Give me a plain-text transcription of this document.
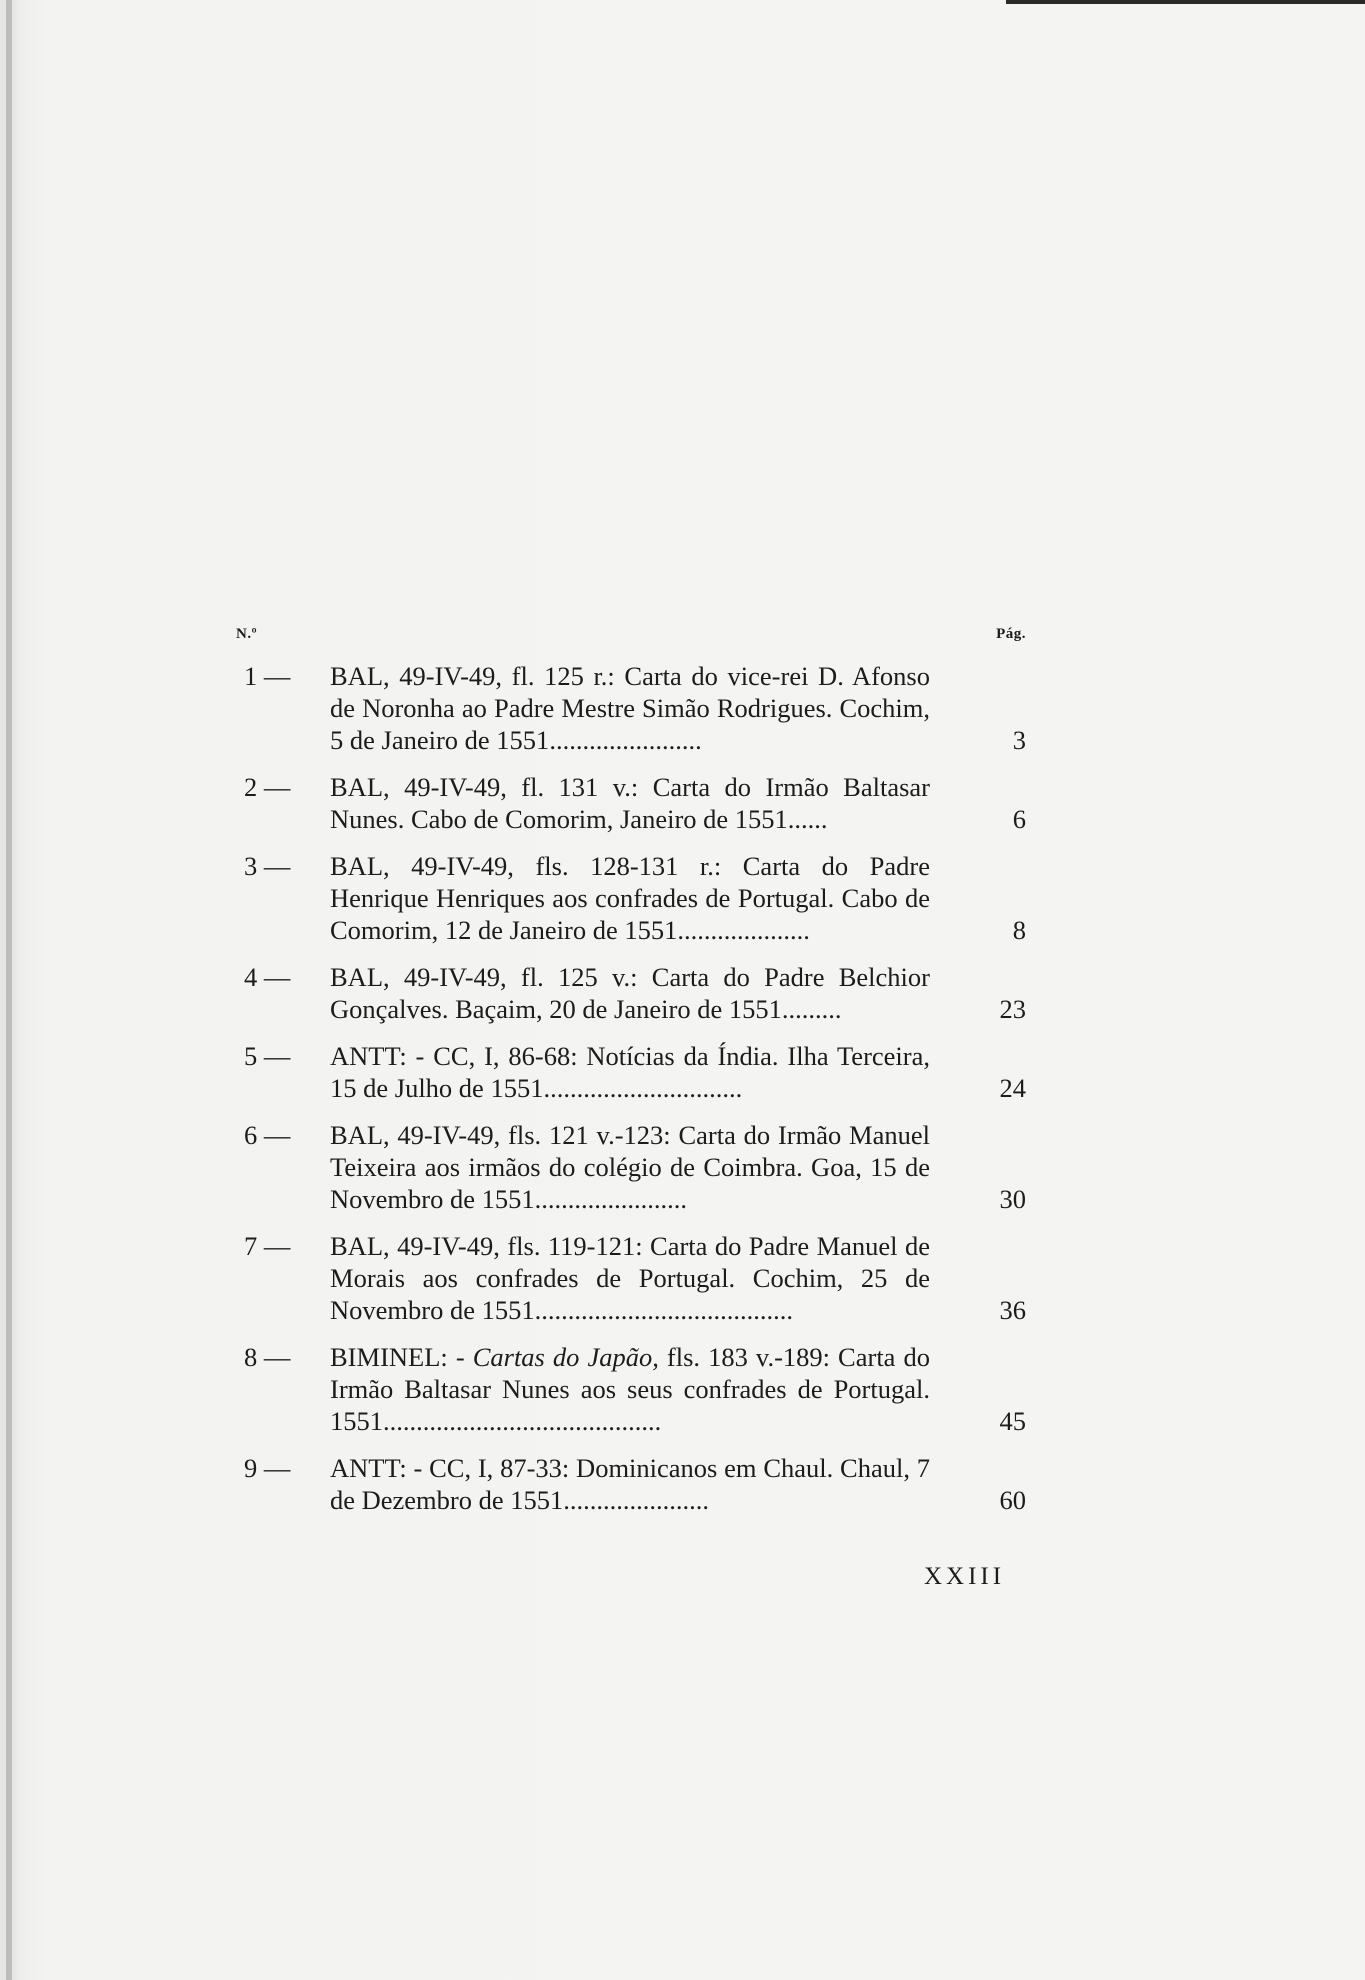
N.º	Pág.
1 —	BAL, 49-IV-49, fl. 125 r.: Carta do vice-rei D. Afonso de Noronha ao Padre Mestre Simão Rodrigues. Cochim, 5 de Janeiro de 1551.......................	3
2 —	BAL, 49-IV-49, fl. 131 v.: Carta do Irmão Baltasar Nunes. Cabo de Comorim, Janeiro de 1551......	6
3 —	BAL, 49-IV-49, fls. 128-131 r.: Carta do Padre Henrique Henriques aos confrades de Portugal. Cabo de Comorim, 12 de Janeiro de 1551....................	8
4 —	BAL, 49-IV-49, fl. 125 v.: Carta do Padre Belchior Gonçalves. Baçaim, 20 de Janeiro de 1551.........	23
5 —	ANTT: - CC, I, 86-68: Notícias da Índia. Ilha Terceira, 15 de Julho de 1551..............................	24
6 —	BAL, 49-IV-49, fls. 121 v.-123: Carta do Irmão Manuel Teixeira aos irmãos do colégio de Coimbra. Goa, 15 de Novembro de 1551.......................	30
7 —	BAL, 49-IV-49, fls. 119-121: Carta do Padre Manuel de Morais aos confrades de Portugal. Cochim, 25 de Novembro de 1551.......................................	36
8 —	BIMINEL: - Cartas do Japão, fls. 183 v.-189: Carta do Irmão Baltasar Nunes aos seus confrades de Portugal. 1551..........................................	45
9 —	ANTT: - CC, I, 87-33: Dominicanos em Chaul. Chaul, 7 de Dezembro de 1551......................	60
XXIII
